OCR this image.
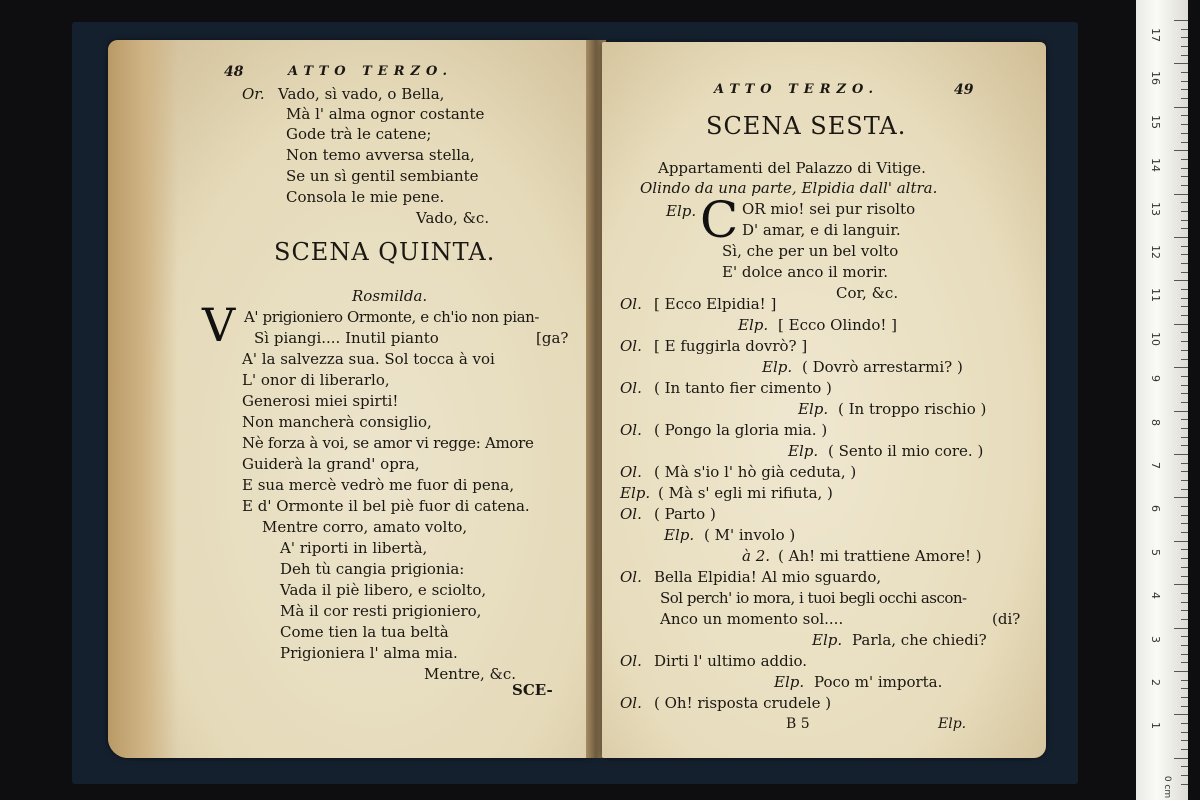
48	ATTO TERZO.
Or. Vado, sì vado, o Bella,
Mà l' alma ognor costante
Gode trà le catene;
Non temo avversa stella,
Se un sì gentil sembiante
Consola le mie pene.
Vado, &c.
SCENA QUINTA.
Rosmilda.
V A' prigioniero Ormonte, e ch'io non pian-
Sì piangi.... Inutil pianto	[ga?
A' la salvezza sua. Sol tocca à voi
L' onor di liberarlo,
Generosi miei spirti!
Non mancherà consiglio,
Nè forza à voi, se amor vi regge: Amore
Guiderà la grand' opra,
E sua mercè vedrò me fuor di pena,
E d' Ormonte il bel piè fuor di catena.
Mentre corro, amato volto,
A' riporti in libertà,
Deh tù cangia prigionia:
Vada il piè libero, e sciolto,
Mà il cor resti prigioniero,
Come tien la tua beltà
Prigioniera l' alma mia.
Mentre, &c.
SCE-
ATTO TERZO.	49
SCENA SESTA.
Appartamenti del Palazzo di Vitige.
Olindo da una parte, Elpidia dall' altra.
Elp. C OR mio! sei pur risolto
D' amar, e di languir.
Sì, che per un bel volto
E' dolce anco il morir.
Cor, &c.
Ol. [ Ecco Elpidia! ]
Elp. [ Ecco Olindo! ]
Ol. [ E fuggirla dovrò? ]
Elp. ( Dovrò arrestarmi? )
Ol. ( In tanto fier cimento )
Elp. ( In troppo rischio )
Ol. ( Pongo la gloria mia. )
Elp. ( Sento il mio core. )
Ol. ( Mà s'io l' hò già ceduta, )
Elp. ( Mà s' egli mi rifiuta, )
Ol. ( Parto )
Elp. ( M' involo )
à 2. ( Ah! mi trattiene Amore! )
Ol. Bella Elpidia! Al mio sguardo,
Sol perch' io mora, i tuoi begli occhi ascon-
Anco un momento sol....	(di?
Elp. Parla, che chiedi?
Ol. Dirti l' ultimo addio.
Elp. Poco m' importa.
Ol. ( Oh! risposta crudele )
B 5	Elp.
0 cm
17
16
15
14
13
12
11
10
9
8
7
6
5
4
3
2
1
